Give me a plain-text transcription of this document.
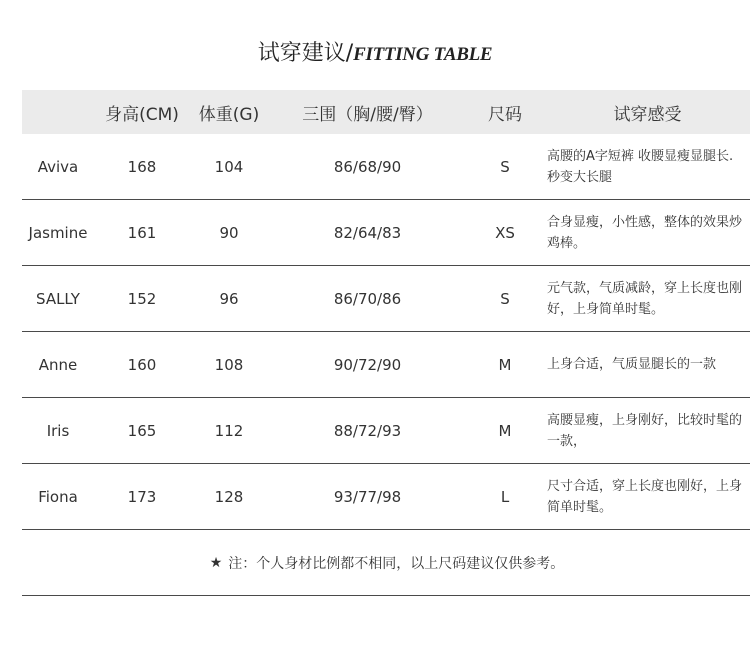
试穿建议/FITTING TABLE
	身高(CM)	体重(G)	三围（胸/腰/臀）	尺码	试穿感受
Aviva	168	104	86/68/90	S	高腰的A字短裤 收腰显瘦显腿长.秒变大长腿
Jasmine	161	90	82/64/83	XS	合身显瘦，小性感，整体的效果炒鸡棒。
SALLY	152	96	86/70/86	S	元气款，气质减龄，穿上长度也刚好，上身简单时髦。
Anne	160	108	90/72/90	M	上身合适，气质显腿长的一款
Iris	165	112	88/72/93	M	高腰显瘦，上身刚好，比较时髦的一款，
Fiona	173	128	93/77/98	L	尺寸合适，穿上长度也刚好，上身简单时髦。
★ 注：个人身材比例都不相同，以上尺码建议仅供参考。
